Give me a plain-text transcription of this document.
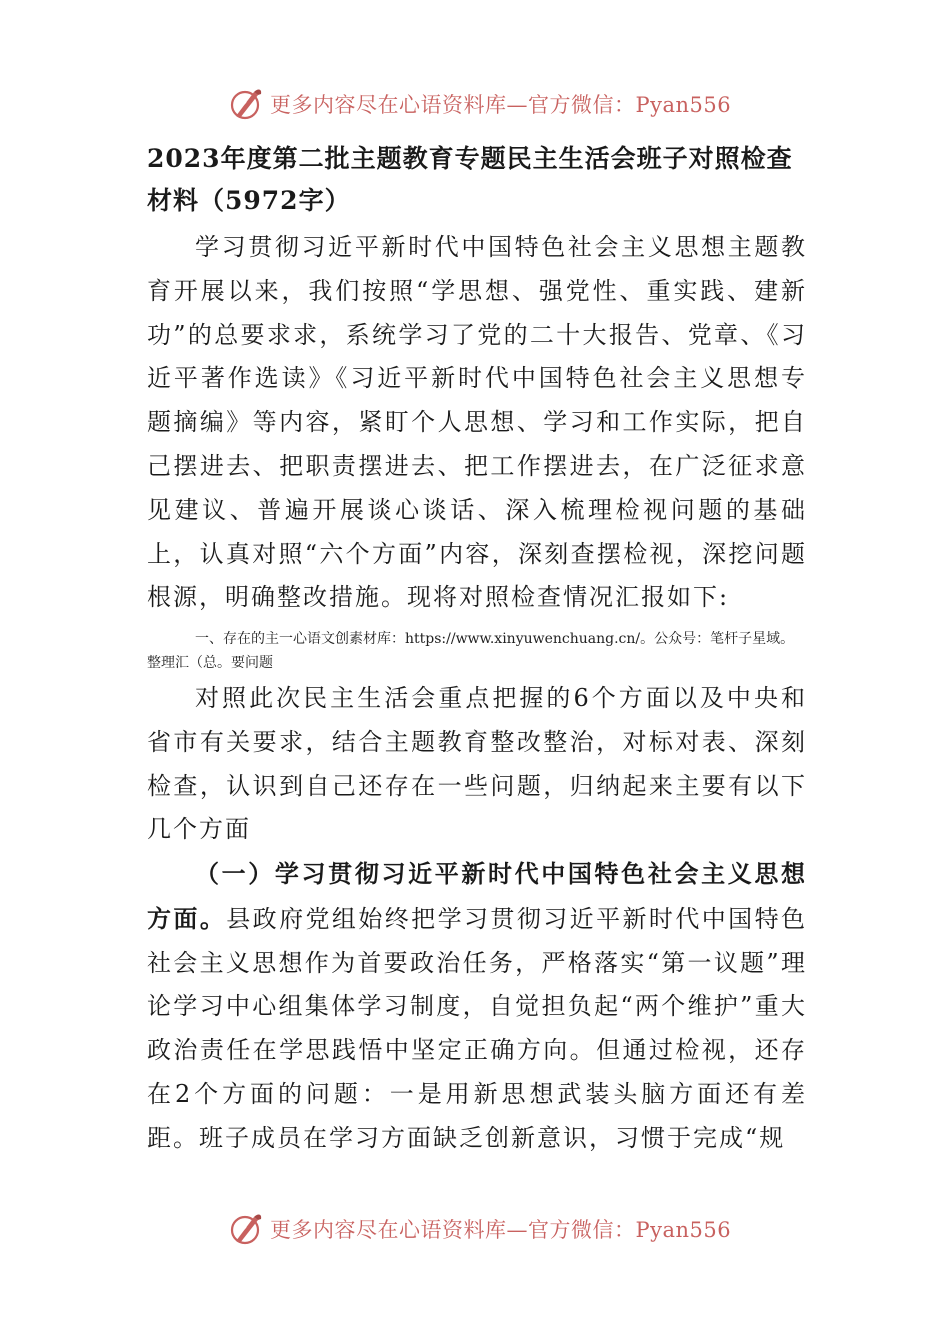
更多内容尽在心语资料库—官方微信：Pyan556
2023年度第二批主题教育专题民主生活会班子对照检查材料（5972字）

学习贯彻习近平新时代中国特色社会主义思想主题教育开展以来，我们按照“学思想、强党性、重实践、建新功”的总要求求，系统学习了党的二十大报告、党章、《习近平著作选读》《习近平新时代中国特色社会主义思想专题摘编》等内容，紧盯个人思想、学习和工作实际，把自己摆进去、把职责摆进去、把工作摆进去，在广泛征求意见建议、普遍开展谈心谈话、深入梳理检视问题的基础上，认真对照“六个方面”内容，深刻查摆检视，深挖问题根源，明确整改措施。现将对照检查情况汇报如下:

一、存在的主一心语文创素材库：https://www.xinyuwenchuang.cn/。公众号：笔杆子星域。整理汇（总。要问题

对照此次民主生活会重点把握的6个方面以及中央和省市有关要求，结合主题教育整改整治，对标对表、深刻检查，认识到自己还存在一些问题，归纳起来主要有以下几个方面

（一）学习贯彻习近平新时代中国特色社会主义思想方面。县政府党组始终把学习贯彻习近平新时代中国特色社会主义思想作为首要政治任务，严格落实“第一议题”理论学习中心组集体学习制度，自觉担负起“两个维护”重大政治责任在学思践悟中坚定正确方向。但通过检视，还存在2个方面的问题：一是用新思想武装头脑方面还有差距。班子成员在学习方面缺乏创新意识，习惯于完成“规

更多内容尽在心语资料库—官方微信：Pyan556
